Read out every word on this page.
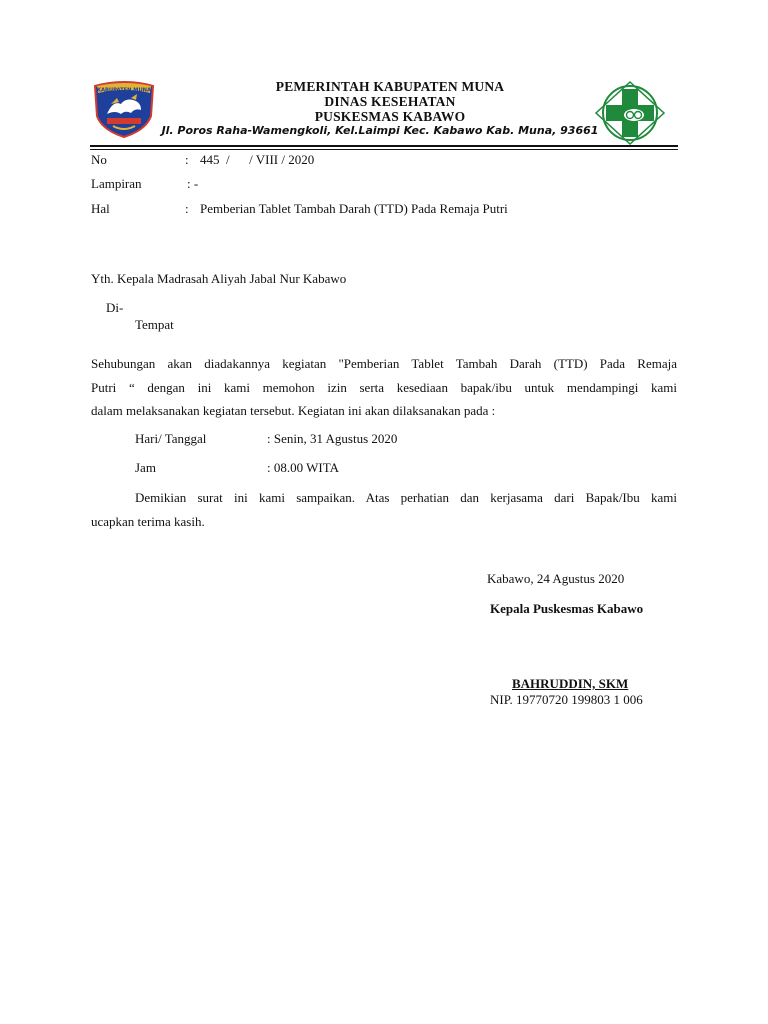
KABUPATEN MUNA	PEMERINTAH KABUPATEN MUNA
DINAS KESEHATAN
PUSKESMAS KABAWO
Jl. Poros Raha-Wamengkoli, Kel.Laimpi Kec. Kabawo Kab. Muna, 93661
No	: 445  /      / VIII / 2020
Lampiran	: -
Hal	: Pemberian Tablet Tambah Darah (TTD) Pada Remaja Putri
Yth. Kepala Madrasah Aliyah Jabal Nur Kabawo
Di-
Tempat
Sehubungan akan diadakannya kegiatan "Pemberian Tablet Tambah Darah (TTD) Pada Remaja
Putri “ dengan ini kami memohon izin serta kesediaan bapak/ibu untuk mendampingi kami
dalam melaksanakan kegiatan tersebut. Kegiatan ini akan dilaksanakan pada :
Hari/ Tanggal	: Senin, 31 Agustus 2020
Jam	: 08.00 WITA
Demikian surat ini kami sampaikan. Atas perhatian dan kerjasama dari Bapak/Ibu kami
ucapkan terima kasih.
Kabawo, 24 Agustus 2020
Kepala Puskesmas Kabawo
BAHRUDDIN, SKM
NIP. 19770720 199803 1 006
